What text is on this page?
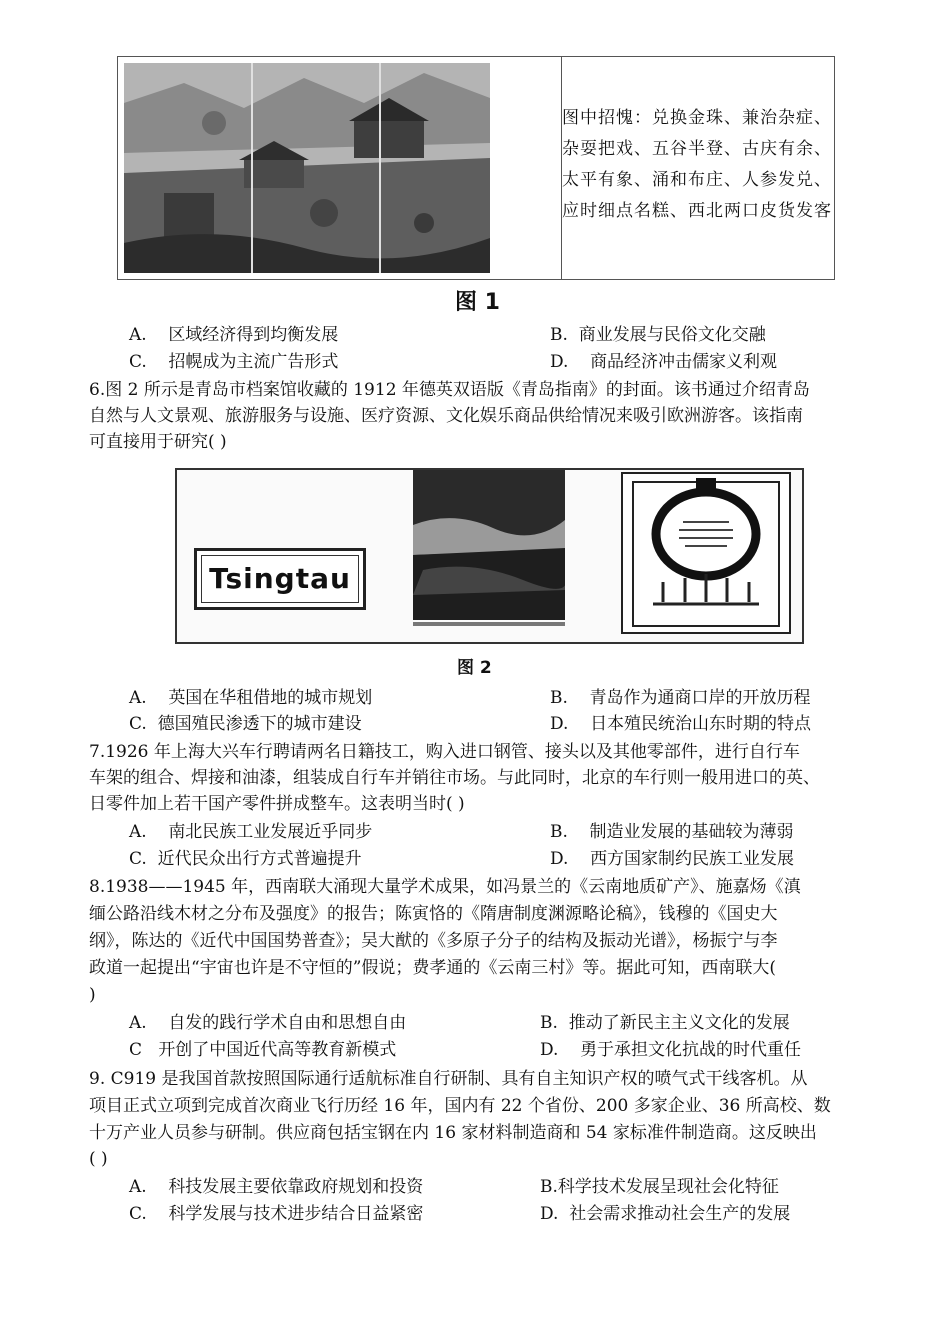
图中招愧：兑换金珠、兼治杂症、杂耍把戏、五谷半登、古庆有余、太平有象、涌和布庄、人参发兑、应时细点名糕、西北两口皮货发客
图 1
A. 区域经济得到均衡发展	B. 商业发展与民俗文化交融
C. 招幌成为主流广告形式	D. 商品经济冲击儒家义利观
6.图 2 所示是青岛市档案馆收藏的 1912 年德英双语版《青岛指南》的封面。该书通过介绍青岛
自然与人文景观、旅游服务与设施、医疗资源、文化娱乐商品供给情况来吸引欧洲游客。该指南
可直接用于研究( )
Tsingtau
图 2
A. 英国在华租借地的城市规划	B. 青岛作为通商口岸的开放历程
C. 德国殖民渗透下的城市建设	D. 日本殖民统治山东时期的特点
7.1926 年上海大兴车行聘请两名日籍技工，购入进口钢管、接头以及其他零部件，进行自行车
车架的组合、焊接和油漆，组装成自行车并销往市场。与此同时，北京的车行则一般用进口的英、
日零件加上若干国产零件拼成整车。这表明当时( )
A. 南北民族工业发展近乎同步	B. 制造业发展的基础较为薄弱
C. 近代民众出行方式普遍提升	D. 西方国家制约民族工业发展
8.1938——1945 年，西南联大涌现大量学术成果，如冯景兰的《云南地质矿产》、施嘉炀《滇
缅公路沿线木材之分布及强度》的报告；陈寅恪的《隋唐制度渊源略论稿》，钱穆的《国史大
纲》，陈达的《近代中国国势普查》；吴大猷的《多原子分子的结构及振动光谱》，杨振宁与李
政道一起提出“宇宙也许是不守恒的”假说；费孝通的《云南三村》等。据此可知，西南联大(
)
A. 自发的践行学术自由和思想自由	B. 推动了新民主主义文化的发展
C 开创了中国近代高等教育新模式	D. 勇于承担文化抗战的时代重任
9. C919 是我国首款按照国际通行适航标准自行研制、具有自主知识产权的喷气式干线客机。从
项目正式立项到完成首次商业飞行历经 16 年，国内有 22 个省份、200 多家企业、36 所高校、数
十万产业人员参与研制。供应商包括宝钢在内 16 家材料制造商和 54 家标准件制造商。这反映出
( )
A. 科技发展主要依靠政府规划和投资	B.科学技术发展呈现社会化特征
C. 科学发展与技术进步结合日益紧密	D. 社会需求推动社会生产的发展
